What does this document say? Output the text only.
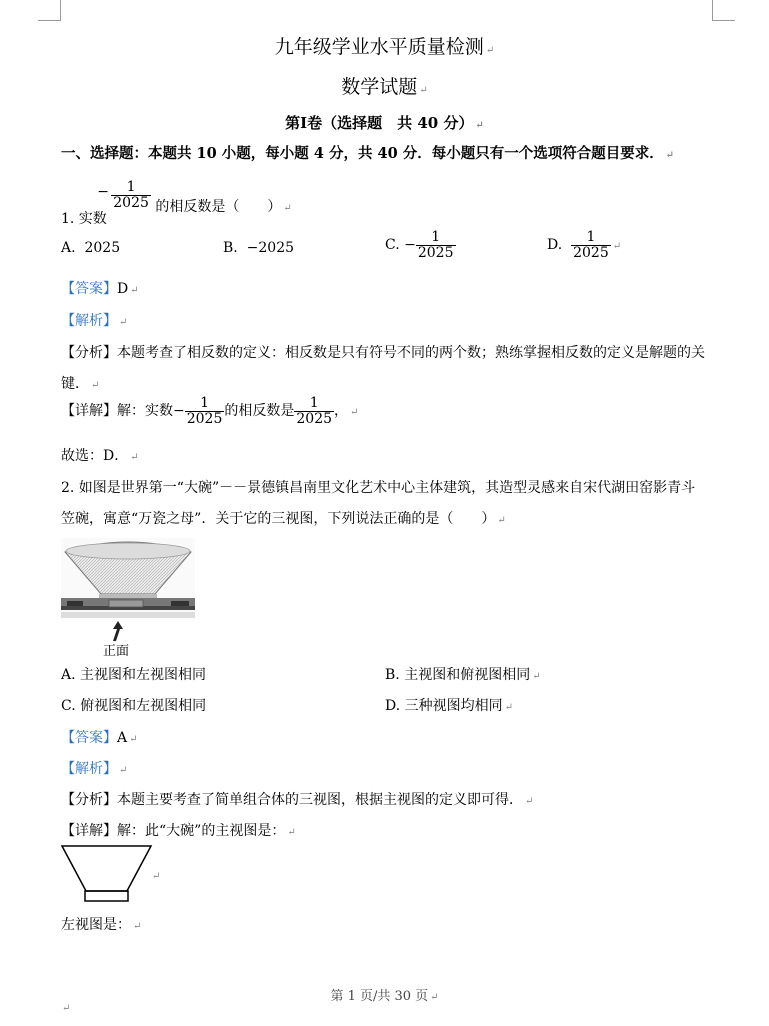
九年级学业水平质量检测 ↵
数学试题 ↵
第Ⅰ卷（选择题　共 40 分） ↵
一、选择题：本题共 10 小题，每小题 4 分，共 40 分．每小题只有一个选项符合题目要求． ↵
1. 实数
− $\frac{1}{2025}$ 的相反数是（　　） $_↵$
A. 2025	B. −2025	C. − $\frac{1}{2025}$	D. $\frac{1}{2025}$ ↵
【答案】D ↵
【解析】 ↵
【分析】本题考查了相反数的定义：相反数是只有符号不同的两个数；熟练掌握相反数的定义是解题的关
键． ↵
【详解】解：实数− $\frac{1}{2025}$ 的相反数是 $\frac{1}{2025}$ ， ↵
故选：D． ↵
2. 如图是世界第一“大碗”－－景德镇昌南里文化艺术中心主体建筑，其造型灵感来自宋代湖田窑影青斗
笠碗，寓意“万瓷之母”．关于它的三视图，下列说法正确的是（　　） ↵
正面
A. 主视图和左视图相同	B. 主视图和俯视图相同 ↵
C. 俯视图和左视图相同	D. 三种视图均相同 ↵
【答案】A ↵
【解析】 ↵
【分析】本题主要考查了简单组合体的三视图，根据主视图的定义即可得． ↵
【详解】解：此“大碗”的主视图是： ↵
↵
左视图是： ↵
第 1 页/共 30 页 ↵
↵
